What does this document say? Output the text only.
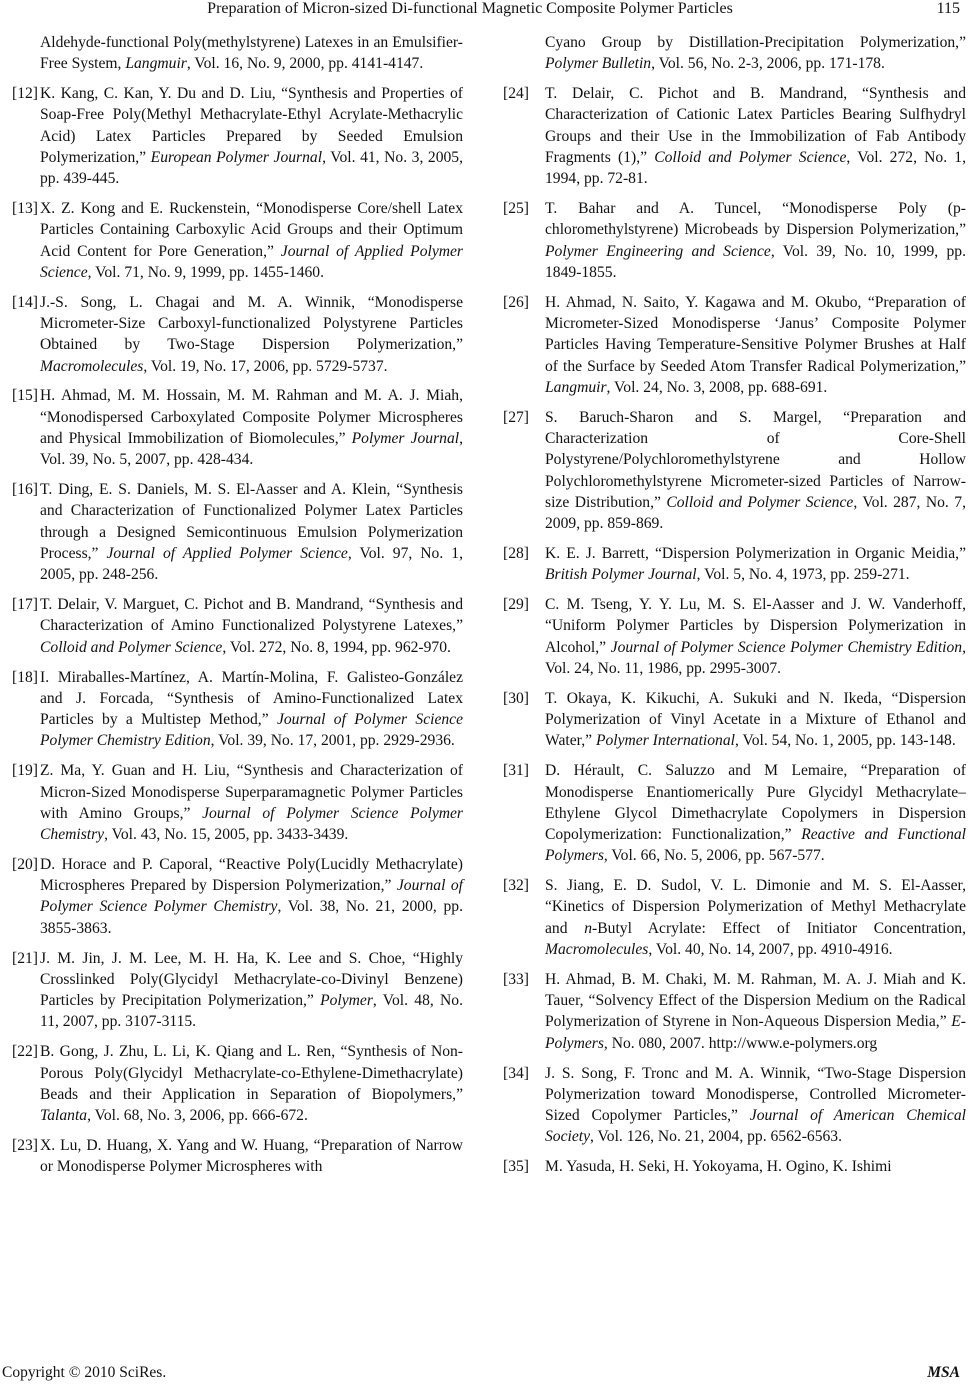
Preparation of Micron-sized Di-functional Magnetic Composite Polymer Particles	115
Aldehyde-functional Poly(methylstyrene) Latexes in an Emulsifier-Free System, Langmuir, Vol. 16, No. 9, 2000, pp. 4141-4147.
[12] K. Kang, C. Kan, Y. Du and D. Liu, “Synthesis and Properties of Soap-Free Poly(Methyl Methacrylate-Ethyl Acrylate-Methacrylic Acid) Latex Particles Prepared by Seeded Emulsion Polymerization,” European Polymer Journal, Vol. 41, No. 3, 2005, pp. 439-445.
[13] X. Z. Kong and E. Ruckenstein, “Monodisperse Core/shell Latex Particles Containing Carboxylic Acid Groups and their Optimum Acid Content for Pore Generation,” Journal of Applied Polymer Science, Vol. 71, No. 9, 1999, pp. 1455-1460.
[14] J.-S. Song, L. Chagai and M. A. Winnik, “Monodisperse Micrometer-Size Carboxyl-functionalized Polystyrene Particles Obtained by Two-Stage Dispersion Polymerization,” Macromolecules, Vol. 19, No. 17, 2006, pp. 5729-5737.
[15] H. Ahmad, M. M. Hossain, M. M. Rahman and M. A. J. Miah, “Monodispersed Carboxylated Composite Polymer Microspheres and Physical Immobilization of Biomolecules,” Polymer Journal, Vol. 39, No. 5, 2007, pp. 428-434.
[16] T. Ding, E. S. Daniels, M. S. El-Aasser and A. Klein, “Synthesis and Characterization of Functionalized Polymer Latex Particles through a Designed Semicontinuous Emulsion Polymerization Process,” Journal of Applied Polymer Science, Vol. 97, No. 1, 2005, pp. 248-256.
[17] T. Delair, V. Marguet, C. Pichot and B. Mandrand, “Synthesis and Characterization of Amino Functionalized Polystyrene Latexes,” Colloid and Polymer Science, Vol. 272, No. 8, 1994, pp. 962-970.
[18] I. Miraballes-Martínez, A. Martín-Molina, F. Galisteo-González and J. Forcada, “Synthesis of Amino-Functionalized Latex Particles by a Multistep Method,” Journal of Polymer Science Polymer Chemistry Edition, Vol. 39, No. 17, 2001, pp. 2929-2936.
[19] Z. Ma, Y. Guan and H. Liu, “Synthesis and Characterization of Micron-Sized Monodisperse Superparamagnetic Polymer Particles with Amino Groups,” Journal of Polymer Science Polymer Chemistry, Vol. 43, No. 15, 2005, pp. 3433-3439.
[20] D. Horace and P. Caporal, “Reactive Poly(Lucidly Methacrylate) Microspheres Prepared by Dispersion Polymerization,” Journal of Polymer Science Polymer Chemistry, Vol. 38, No. 21, 2000, pp. 3855-3863.
[21] J. M. Jin, J. M. Lee, M. H. Ha, K. Lee and S. Choe, “Highly Crosslinked Poly(Glycidyl Methacrylate-co-Divinyl Benzene) Particles by Precipitation Polymerization,” Polymer, Vol. 48, No. 11, 2007, pp. 3107-3115.
[22] B. Gong, J. Zhu, L. Li, K. Qiang and L. Ren, “Synthesis of Non-Porous Poly(Glycidyl Methacrylate-co-Ethylene-Dimethacrylate) Beads and their Application in Separation of Biopolymers,” Talanta, Vol. 68, No. 3, 2006, pp. 666-672.
[23] X. Lu, D. Huang, X. Yang and W. Huang, “Preparation of Narrow or Monodisperse Polymer Microspheres with
Cyano Group by Distillation-Precipitation Polymerization,” Polymer Bulletin, Vol. 56, No. 2-3, 2006, pp. 171-178.
[24]	T. Delair, C. Pichot and B. Mandrand, “Synthesis and Characterization of Cationic Latex Particles Bearing Sulfhydryl Groups and their Use in the Immobilization of Fab Antibody Fragments (1),” Colloid and Polymer Science, Vol. 272, No. 1, 1994, pp. 72-81.
[25]	T. Bahar and A. Tuncel, “Monodisperse Poly (p-chloromethylstyrene) Microbeads by Dispersion Polymerization,” Polymer Engineering and Science, Vol. 39, No. 10, 1999, pp. 1849-1855.
[26]	H. Ahmad, N. Saito, Y. Kagawa and M. Okubo, “Preparation of Micrometer-Sized Monodisperse ‘Janus’ Composite Polymer Particles Having Temperature-Sensitive Polymer Brushes at Half of the Surface by Seeded Atom Transfer Radical Polymerization,” Langmuir, Vol. 24, No. 3, 2008, pp. 688-691.
[27]	S. Baruch-Sharon and S. Margel, “Preparation and Characterization of Core-Shell Polystyrene/Polychloromethylstyrene and Hollow Polychloromethylstyrene Micrometer-sized Particles of Narrow-size Distribution,” Colloid and Polymer Science, Vol. 287, No. 7, 2009, pp. 859-869.
[28]	K. E. J. Barrett, “Dispersion Polymerization in Organic Meidia,” British Polymer Journal, Vol. 5, No. 4, 1973, pp. 259-271.
[29]	C. M. Tseng, Y. Y. Lu, M. S. El-Aasser and J. W. Vanderhoff, “Uniform Polymer Particles by Dispersion Polymerization in Alcohol,” Journal of Polymer Science Polymer Chemistry Edition, Vol. 24, No. 11, 1986, pp. 2995-3007.
[30]	T. Okaya, K. Kikuchi, A. Sukuki and N. Ikeda, “Dispersion Polymerization of Vinyl Acetate in a Mixture of Ethanol and Water,” Polymer International, Vol. 54, No. 1, 2005, pp. 143-148.
[31]	D. Hérault, C. Saluzzo and M Lemaire, “Preparation of Monodisperse Enantiomerically Pure Glycidyl Methacrylate–Ethylene Glycol Dimethacrylate Copolymers in Dispersion Copolymerization: Functionalization,” Reactive and Functional Polymers, Vol. 66, No. 5, 2006, pp. 567-577.
[32]	S. Jiang, E. D. Sudol, V. L. Dimonie and M. S. El-Aasser, “Kinetics of Dispersion Polymerization of Methyl Methacrylate and n-Butyl Acrylate: Effect of Initiator Concentration, Macromolecules, Vol. 40, No. 14, 2007, pp. 4910-4916.
[33]	H. Ahmad, B. M. Chaki, M. M. Rahman, M. A. J. Miah and K. Tauer, “Solvency Effect of the Dispersion Medium on the Radical Polymerization of Styrene in Non-Aqueous Dispersion Media,” E-Polymers, No. 080, 2007. http://www.e-polymers.org
[34]	J. S. Song, F. Tronc and M. A. Winnik, “Two-Stage Dispersion Polymerization toward Monodisperse, Controlled Micrometer-Sized Copolymer Particles,” Journal of American Chemical Society, Vol. 126, No. 21, 2004, pp. 6562-6563.
[35]	M. Yasuda, H. Seki, H. Yokoyama, H. Ogino, K. Ishimi
Copyright © 2010 SciRes.	MSA
